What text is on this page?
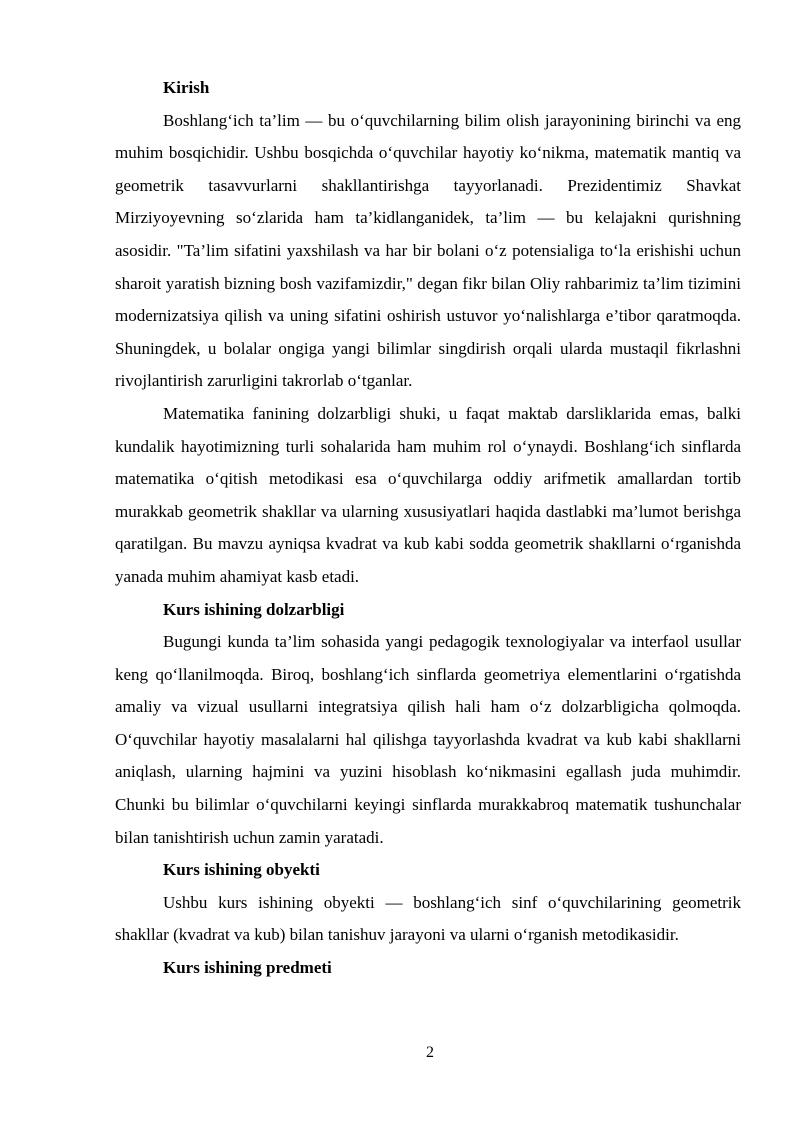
Kirish

Boshlang‘ich ta’lim — bu o‘quvchilarning bilim olish jarayonining birinchi va eng muhim bosqichidir. Ushbu bosqichda o‘quvchilar hayotiy ko‘nikma, matematik mantiq va geometrik tasavvurlarni shakllantirishga tayyorlanadi. Prezidentimiz Shavkat Mirziyoyevning so‘zlarida ham ta’kidlanganidek, ta’lim — bu kelajakni qurishning asosidir. "Ta’lim sifatini yaxshilash va har bir bolani o‘z potensialiga to‘la erishishi uchun sharoit yaratish bizning bosh vazifamizdir," degan fikr bilan Oliy rahbarimiz ta’lim tizimini modernizatsiya qilish va uning sifatini oshirish ustuvor yo‘nalishlarga e’tibor qaratmoqda. Shuningdek, u bolalar ongiga yangi bilimlar singdirish orqali ularda mustaqil fikrlashni rivojlantirish zarurligini takrorlab o‘tganlar.

Matematika fanining dolzarbligi shuki, u faqat maktab darsliklarida emas, balki kundalik hayotimizning turli sohalarida ham muhim rol o‘ynaydi. Boshlang‘ich sinflarda matematika o‘qitish metodikasi esa o‘quvchilarga oddiy arifmetik amallardan tortib murakkab geometrik shakllar va ularning xususiyatlari haqida dastlabki ma’lumot berishga qaratilgan. Bu mavzu ayniqsa kvadrat va kub kabi sodda geometrik shakllarni o‘rganishda yanada muhim ahamiyat kasb etadi.

Kurs ishining dolzarbligi

Bugungi kunda ta’lim sohasida yangi pedagogik texnologiyalar va interfaol usullar keng qo‘llanilmoqda. Biroq, boshlang‘ich sinflarda geometriya elementlarini o‘rgatishda amaliy va vizual usullarni integratsiya qilish hali ham o‘z dolzarbligicha qolmoqda. O‘quvchilar hayotiy masalalarni hal qilishga tayyorlashda kvadrat va kub kabi shakllarni aniqlash, ularning hajmini va yuzini hisoblash ko‘nikmasini egallash juda muhimdir. Chunki bu bilimlar o‘quvchilarni keyingi sinflarda murakkabroq matematik tushunchalar bilan tanishtirish uchun zamin yaratadi.

Kurs ishining obyekti

Ushbu kurs ishining obyekti — boshlang‘ich sinf o‘quvchilarining geometrik shakllar (kvadrat va kub) bilan tanishuv jarayoni va ularni o‘rganish metodikasidir.

Kurs ishining predmeti

2
